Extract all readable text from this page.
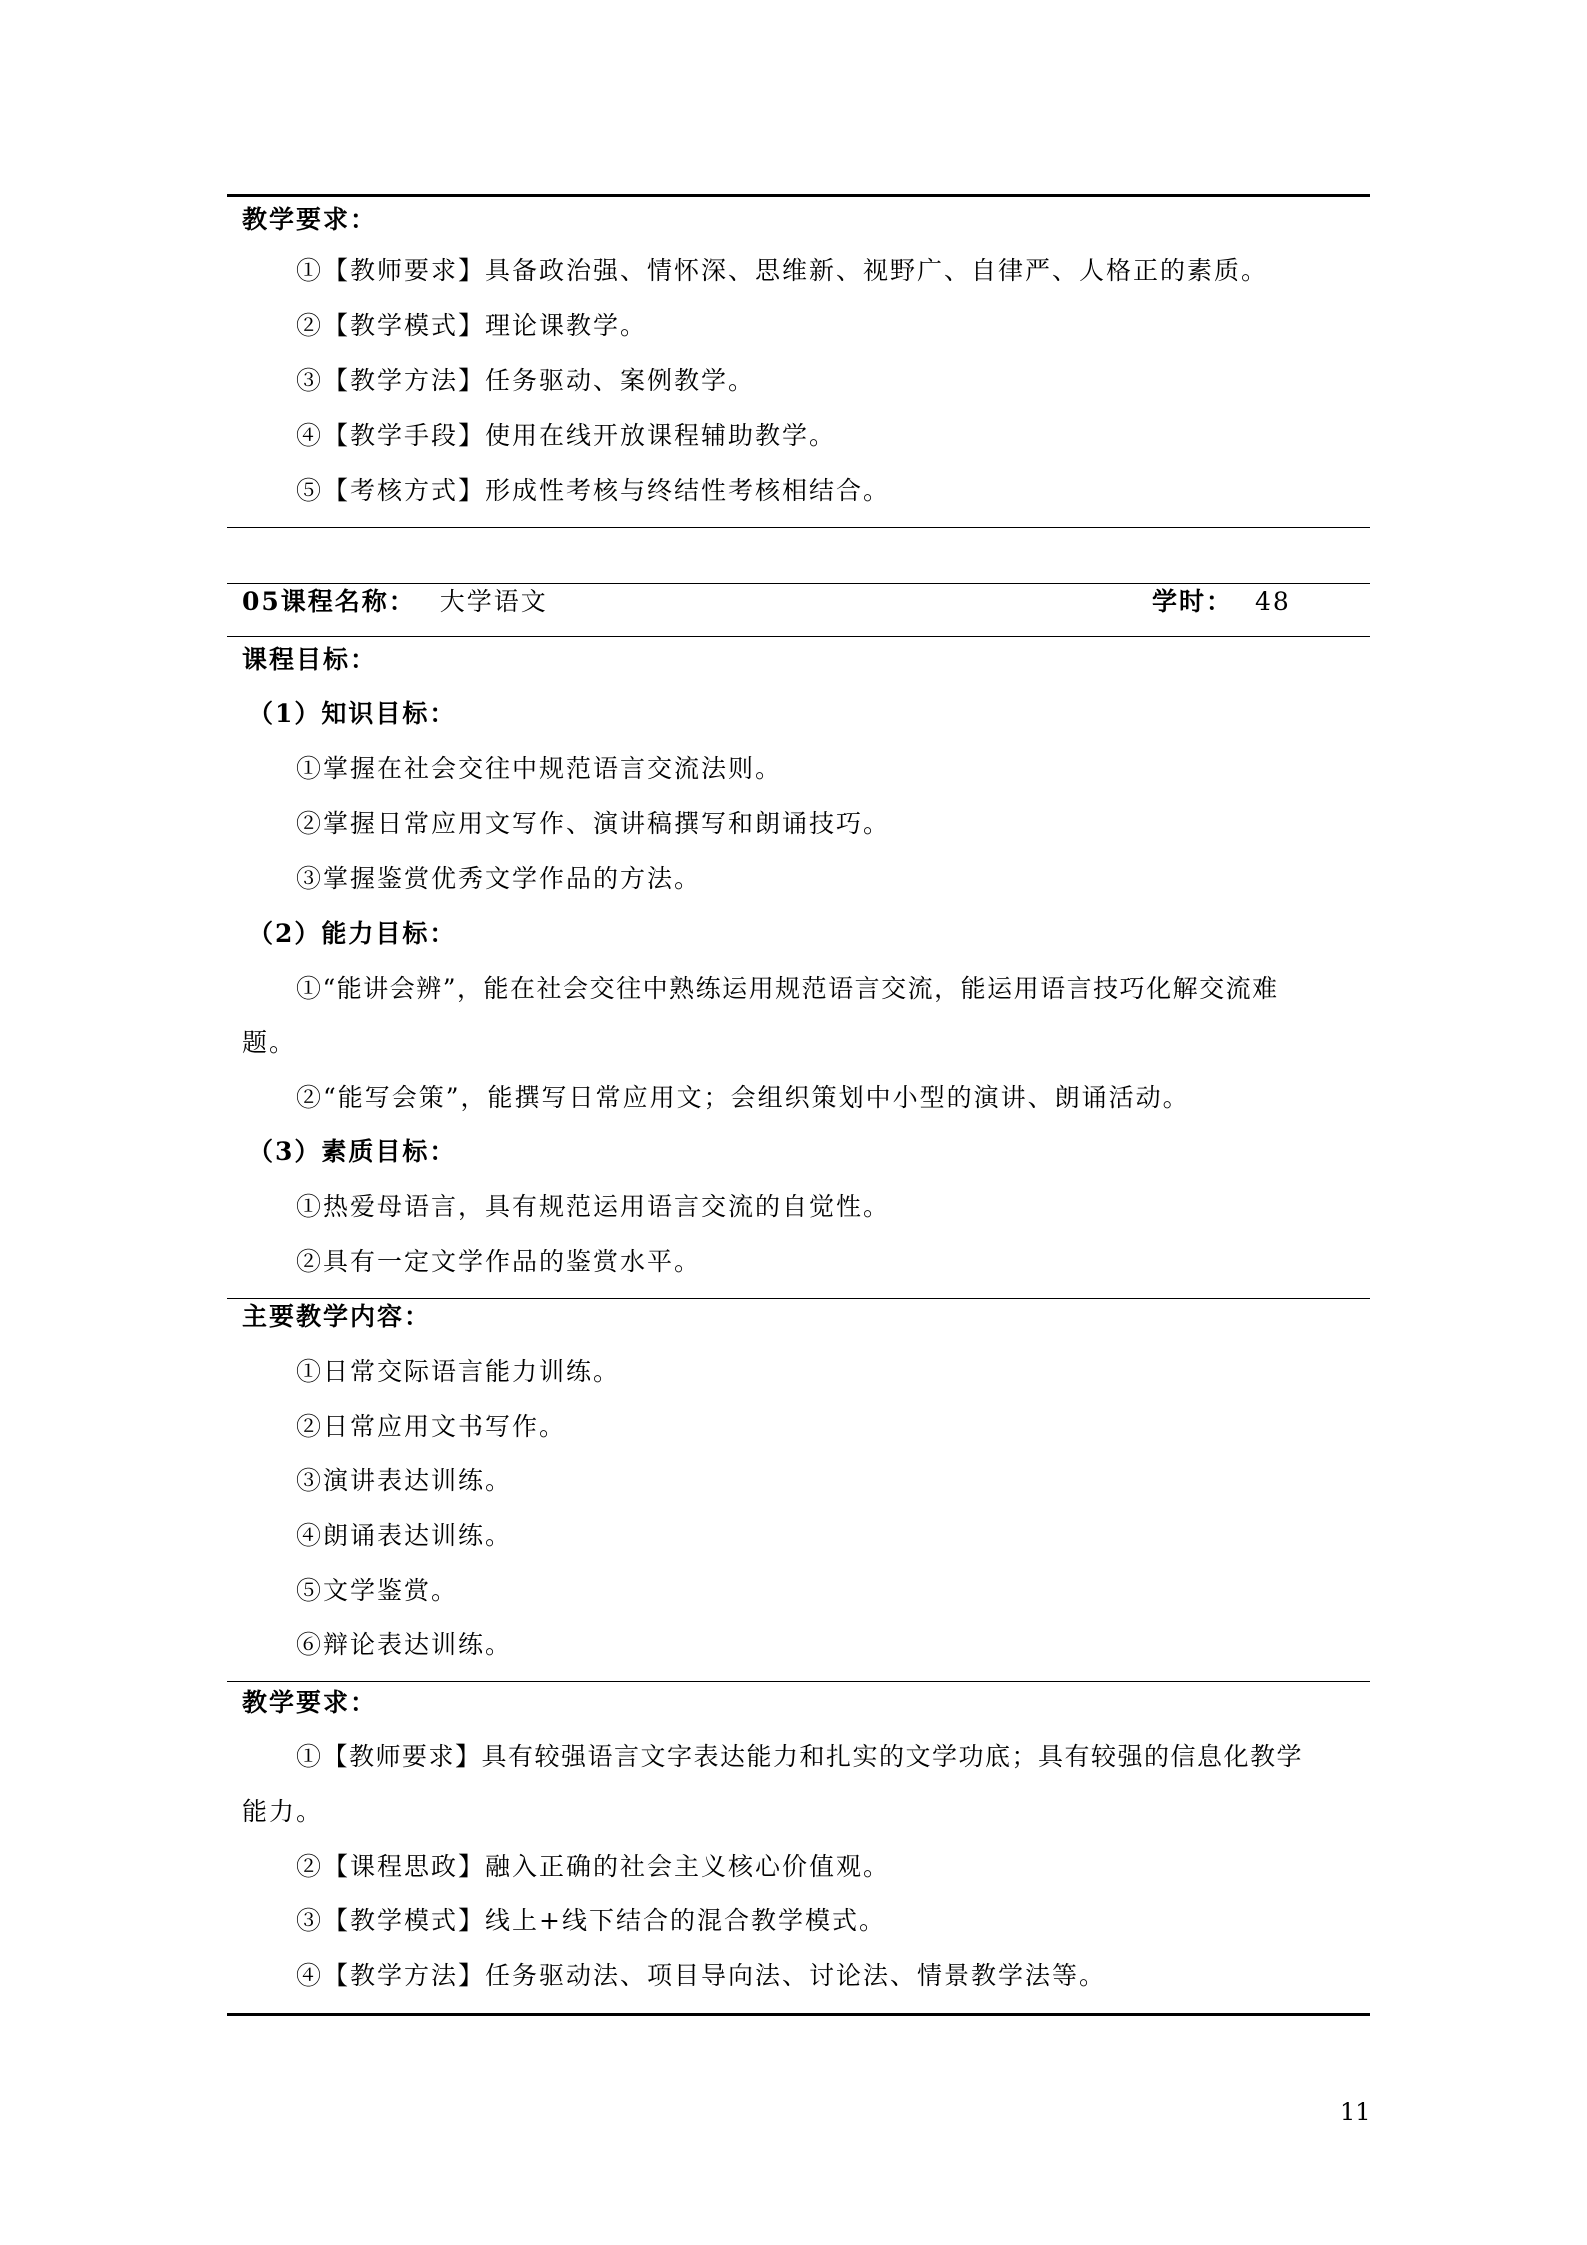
教学要求：
①【教师要求】具备政治强、情怀深、思维新、视野广、自律严、人格正的素质。
②【教学模式】理论课教学。
③【教学方法】任务驱动、案例教学。
④【教学手段】使用在线开放课程辅助教学。
⑤【考核方式】形成性考核与终结性考核相结合。
05课程名称： 大学语文	学时： 48
课程目标：
（1）知识目标：
①掌握在社会交往中规范语言交流法则。
②掌握日常应用文写作、演讲稿撰写和朗诵技巧。
③掌握鉴赏优秀文学作品的方法。
（2）能力目标：
①“能讲会辨”，能在社会交往中熟练运用规范语言交流，能运用语言技巧化解交流难
题。
②“能写会策”，能撰写日常应用文；会组织策划中小型的演讲、朗诵活动。
（3）素质目标：
①热爱母语言，具有规范运用语言交流的自觉性。
②具有一定文学作品的鉴赏水平。
主要教学内容：
①日常交际语言能力训练。
②日常应用文书写作。
③演讲表达训练。
④朗诵表达训练。
⑤文学鉴赏。
⑥辩论表达训练。
教学要求：
①【教师要求】具有较强语言文字表达能力和扎实的文学功底；具有较强的信息化教学
能力。
②【课程思政】融入正确的社会主义核心价值观。
③【教学模式】线上+线下结合的混合教学模式。
④【教学方法】任务驱动法、项目导向法、讨论法、情景教学法等。
11
